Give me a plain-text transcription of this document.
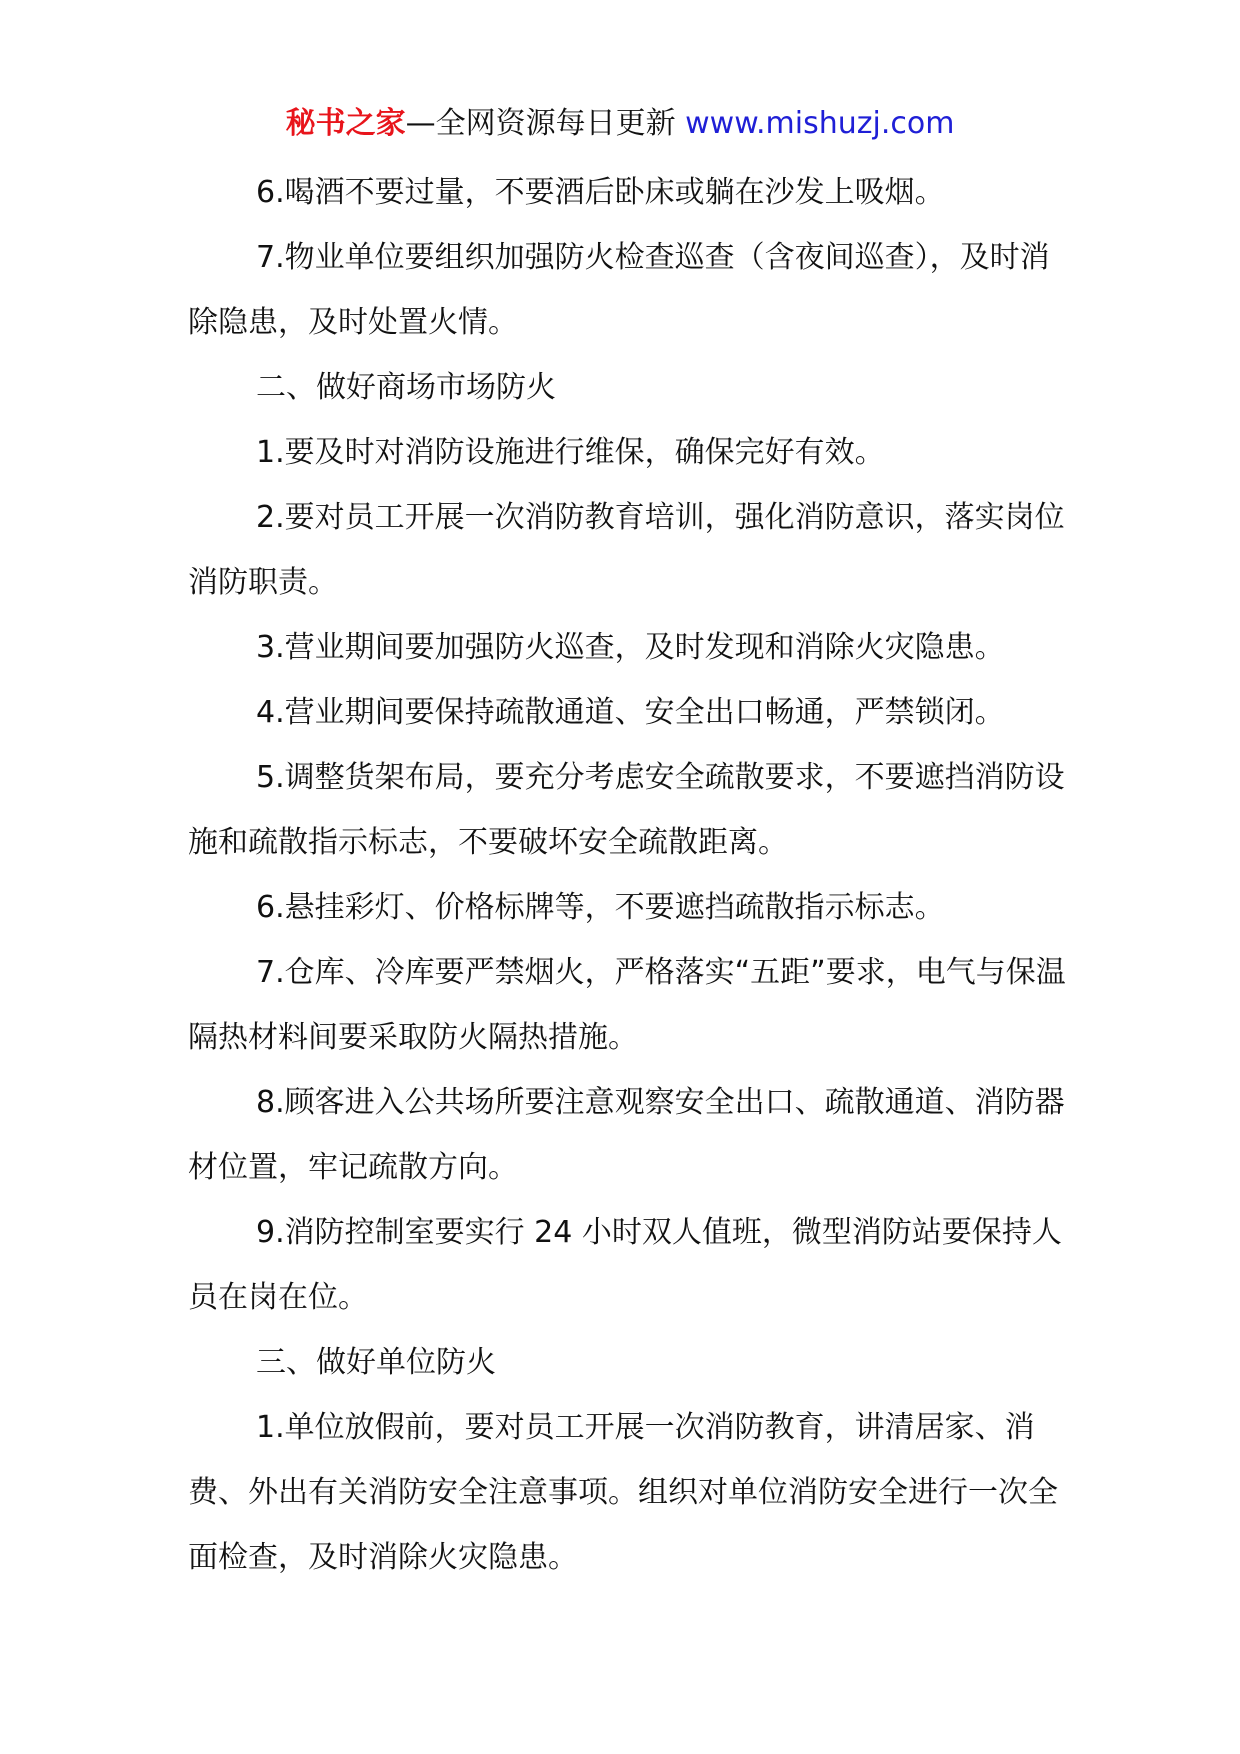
秘书之家—全网资源每日更新 www.mishuzj.com

6.喝酒不要过量，不要酒后卧床或躺在沙发上吸烟。

7.物业单位要组织加强防火检查巡查（含夜间巡查），及时消除隐患，及时处置火情。

二、做好商场市场防火

1.要及时对消防设施进行维保，确保完好有效。

2.要对员工开展一次消防教育培训，强化消防意识，落实岗位消防职责。

3.营业期间要加强防火巡查，及时发现和消除火灾隐患。

4.营业期间要保持疏散通道、安全出口畅通，严禁锁闭。

5.调整货架布局，要充分考虑安全疏散要求，不要遮挡消防设施和疏散指示标志，不要破坏安全疏散距离。

6.悬挂彩灯、价格标牌等，不要遮挡疏散指示标志。

7.仓库、冷库要严禁烟火，严格落实“五距”要求，电气与保温隔热材料间要采取防火隔热措施。

8.顾客进入公共场所要注意观察安全出口、疏散通道、消防器材位置，牢记疏散方向。

9.消防控制室要实行 24 小时双人值班，微型消防站要保持人员在岗在位。

三、做好单位防火

1.单位放假前，要对员工开展一次消防教育，讲清居家、消费、外出有关消防安全注意事项。组织对单位消防安全进行一次全面检查，及时消除火灾隐患。
